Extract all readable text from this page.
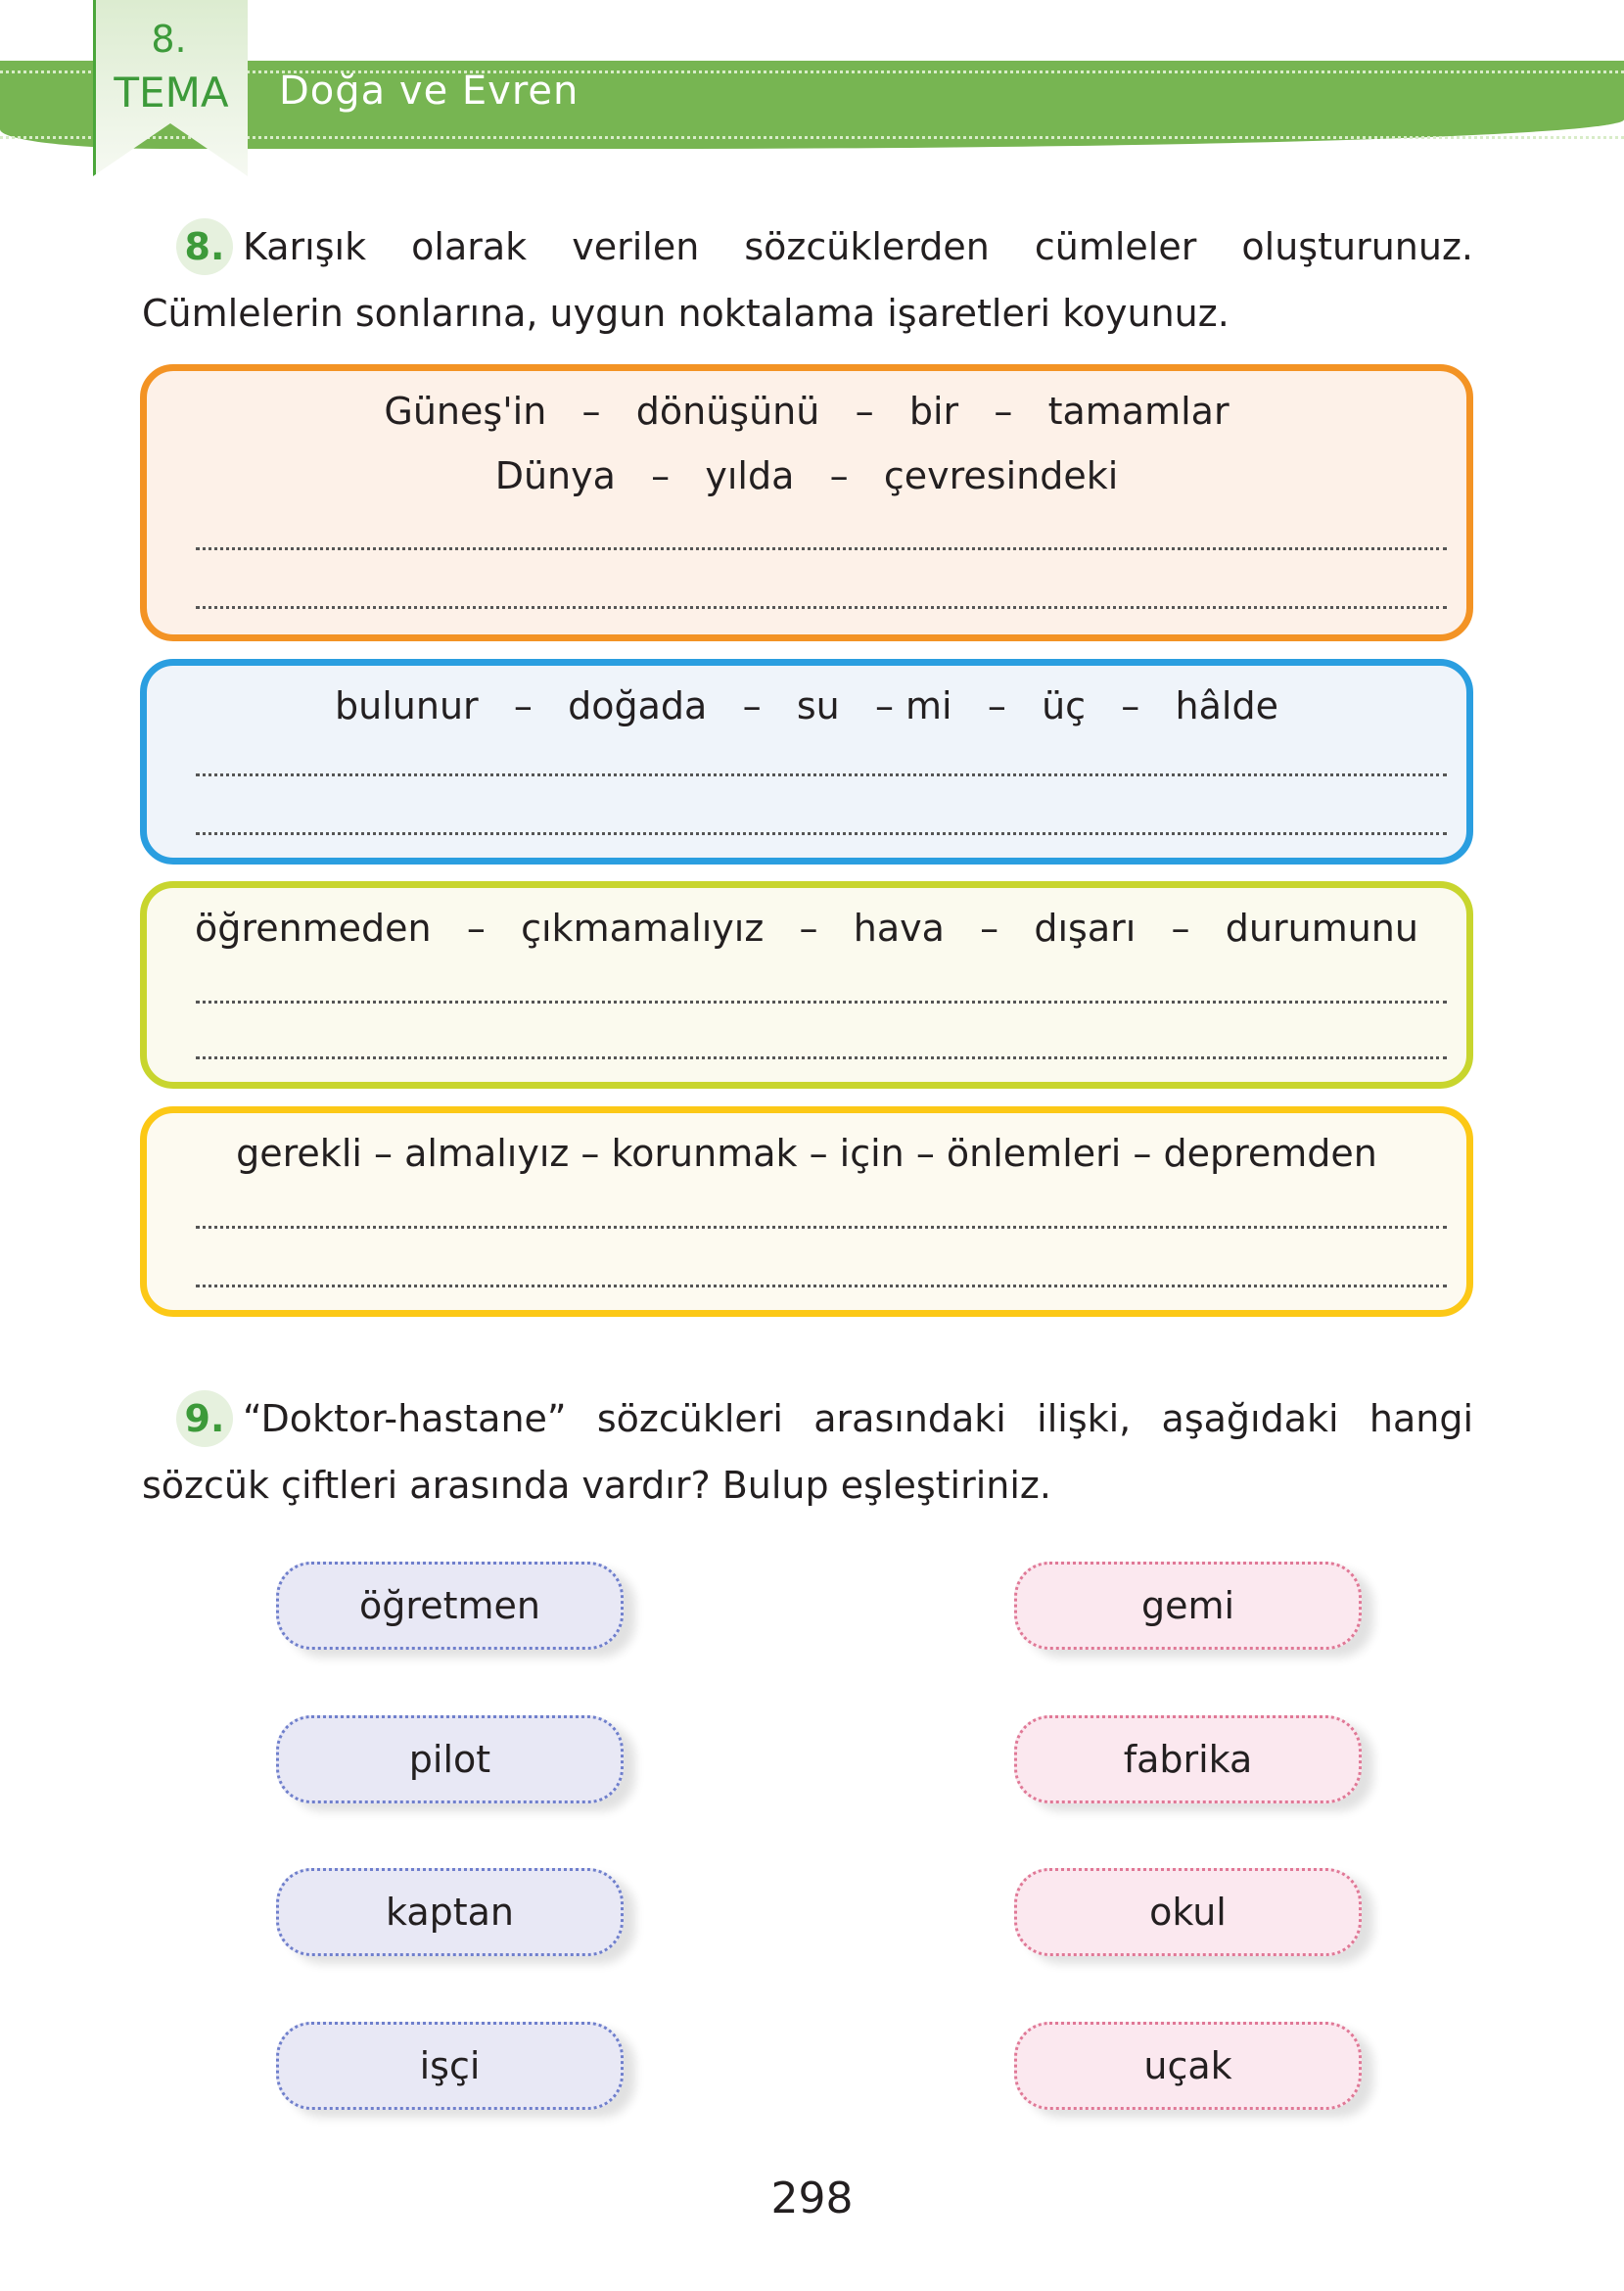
8.
TEMA	Doğa ve Evren
8. Karışık olarak verilen sözcüklerden cümleler oluşturunuz. Cümlelerin sonlarına, uygun noktalama işaretleri koyunuz.
Güneş'in   –   dönüşünü   –   bir   –   tamamlar
Dünya   –   yılda   –   çevresindeki
bulunur   –   doğada   –   su   – mi   –   üç   –   hâlde
öğrenmeden   –   çıkmamalıyız   –   hava   –   dışarı   –   durumunu
gerekli – almalıyız – korunmak – için – önlemleri – depremden
9. “Doktor-hastane” sözcükleri arasındaki ilişki, aşağıdaki hangi sözcük çiftleri arasında vardır? Bulup eşleştiriniz.
öğretmen
pilot
kaptan
işçi
gemi
fabrika
okul
uçak
298
